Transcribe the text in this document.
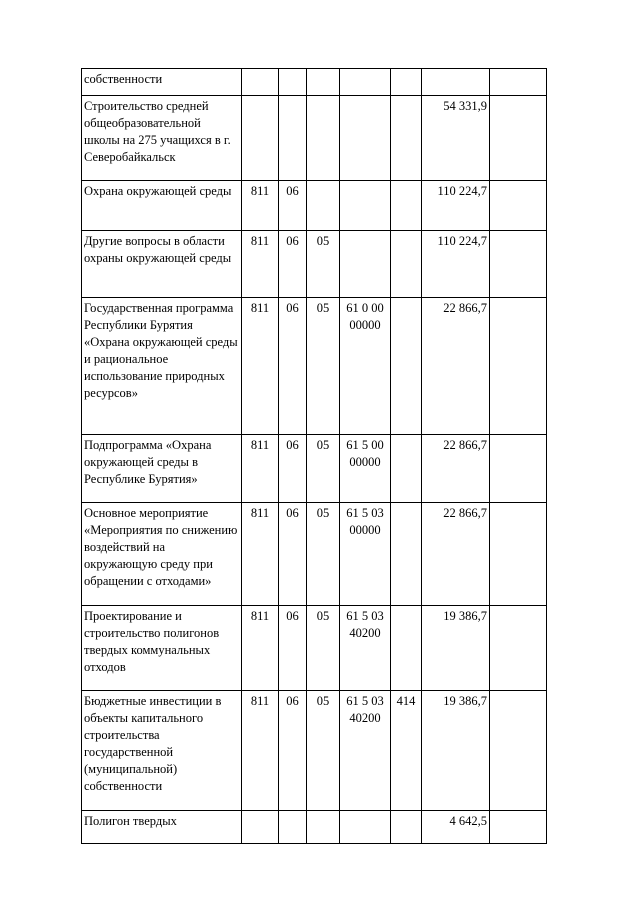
собственности							
Строительство средней общеобразовательной школы на 275 учащихся в г. Северобайкальск						54 331,9	
Охрана окружающей среды	811	06				110 224,7	
Другие вопросы в области охраны окружающей среды	811	06	05			110 224,7	
Государственная программа Республики Бурятия «Охрана окружающей среды и рациональное использование природных ресурсов»	811	06	05	61 0 00 00000		22 866,7	
Подпрограмма «Охрана окружающей среды в Республике Бурятия»	811	06	05	61 5 00 00000		22 866,7	
Основное мероприятие «Мероприятия по снижению воздействий на окружающую среду при обращении с отходами»	811	06	05	61 5 03 00000		22 866,7	
Проектирование и строительство полигонов твердых коммунальных отходов	811	06	05	61 5 03 40200		19 386,7	
Бюджетные инвестиции в объекты капитального строительства государственной (муниципальной) собственности	811	06	05	61 5 03 40200	414	19 386,7	
Полигон твердых						4 642,5	
